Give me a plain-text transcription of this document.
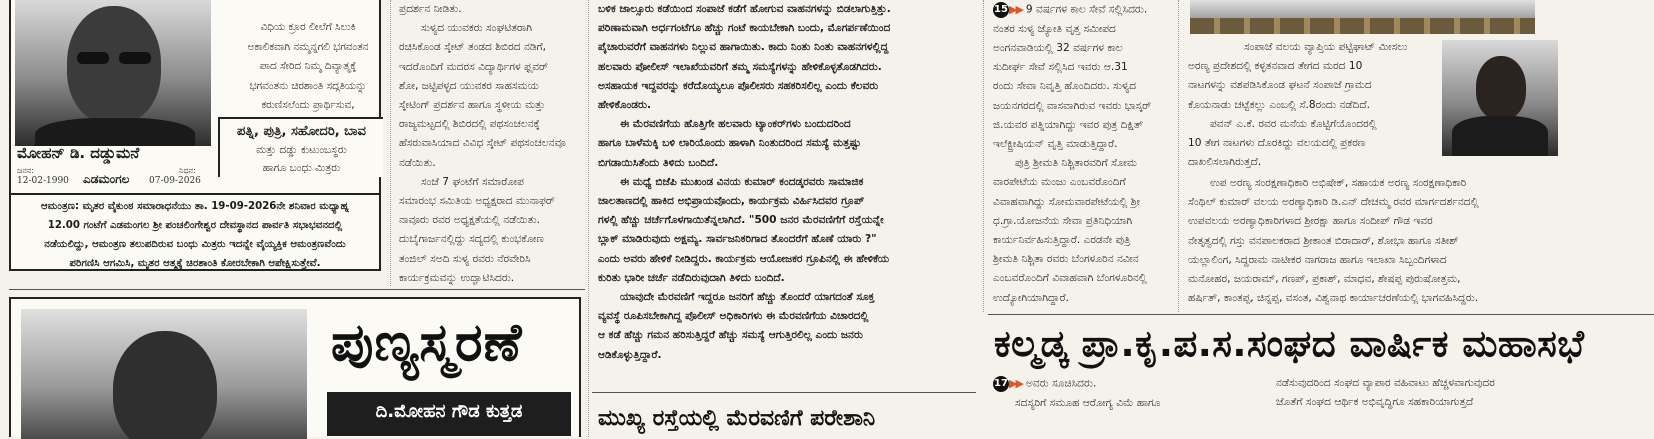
ವಿಧಿಯ ಕ್ರೂರ ಲೀಲೆಗೆ ಸಿಲುಕಿ
ಅಕಾಲಿಕವಾಗಿ ನಮ್ಮನ್ನಗಲಿ ಭಗವಂತನ
ಪಾದ ಸೇರಿದ ನಿಮ್ಮ ದಿವ್ಯಾತ್ಮಕ್ಕೆ
ಭಗವಂತನು ಚಿರಶಾಂತಿ ಸದ್ಗತಿಯನ್ನು
ಕರುಣಿಸಲೆಂದು ಪ್ರಾರ್ಥಿಸುವ,
ಪತ್ನಿ, ಪುತ್ರಿ, ಸಹೋದರಿ, ಬಾವ
ಮತ್ತು ದಡ್ಡು ಕುಟುಂಬಸ್ಥರು
ಹಾಗೂ ಬಂಧು ಮಿತ್ರರು
ಮೋಹನ್ ಡಿ. ದಡ್ಡುಮನೆ
ಜನನ:
12-02-1990 ಎಡಮಂಗಲ
ನಿಧನ:
07-09-2026
ಆಮಂತ್ರಣ: ಮೃತರ ವೈಕುಂಠ ಸಮಾರಾಧನೆಯು ತಾ. 19-09-2026ನೇ ಶನಿವಾರ ಮಧ್ಯಾಹ್ನ
12.00 ಗಂಟೆಗೆ ಎಡಮಂಗಲ ಶ್ರೀ ಪಂಚಲಿಂಗೇಶ್ವರ ದೇವಸ್ಥಾನದ ಪಾರ್ವತಿ ಸಭಾಭವನದಲ್ಲಿ
ನಡೆಯಲಿದ್ದು, ಆಮಂತ್ರಣ ತಲುಪದಿರುವ ಬಂಧು ಮಿತ್ರರು ಇದನ್ನೇ ವೈಯ್ಯಕ್ತಿಕ ಆಮಂತ್ರಣವೆಂದು
ಪರಿಗಣಿಸಿ ಆಗಮಿಸಿ, ಮೃತರ ಆತ್ಮಕ್ಕೆ ಚಿರಶಾಂತಿ ಕೋರಬೇಕಾಗಿ ಆಪೇಕ್ಷಿಸುತ್ತೇವೆ.

ಪ್ರದರ್ಶನ ನೀಡಿತು.

ಸುಳ್ಯದ ಯುವಕರು ಸಂಘಟಿತರಾಗಿ

ರಚಿಸಿಕೊಂಡ ಸ್ಕೇಟ್ ತಂಡದ ಶಿಬಿರದ ನಡಿಗೆ,

ಇದರೊಂದಿಗೆ ಮದರಸ ವಿದ್ಯಾರ್ಥಿಗಳ ಫ್ಲವರ್

ಶೋ, ಜಟ್ಟಿಪಳ್ಳದ ಯುವಕರ ಸಾಹಸಮಯ

ಸ್ಕೇಟಿಂಗ್ ಪ್ರದರ್ಶನ ಹಾಗೂ ಸ್ಥಳೀಯ ಮತ್ತು

ರಾಜ್ಯಮಟ್ಟದಲ್ಲಿ ಶಿಬಿರದಲ್ಲಿ ಪಥಸಂಚಲನಕ್ಕೆ

ಹೆಸರುವಾಸಿಯಾದ ವಿವಿಧ ಸ್ಕೇಟ್ ಪಥಸಂಚಲನವೂ

ನಡೆಯಿತು.

ಸಂಜೆ 7 ಘಂಟೆಗೆ ಸಮಾರೋಪ

ಸಮಾರಂಭ ಸಮಿತಿಯ ಅಧ್ಯಕ್ಷರಾದ ಮುನಾಫರ್

ನಾವೂರು ರವರ ಅಧ್ಯಕ್ಷತೆಯಲ್ಲಿ ನಡೆಯಿತು.

ದುಬೈಗಾರ್ಜನಲ್ಲಿದ್ದು ಸದ್ಯದಲ್ಲಿ ಕುಂಭಕೋಣ

ತಂಜಿಲ್ ಸಅದಿ ಸುಳ್ಯ ರವರು ನೆರವೇರಿಸಿ

ಕಾರ್ಯಕ್ರಮವನ್ನು ಉದ್ಘಾಟಿಸಿದರು.

ಬಳಿಕ ಜಾಲ್ಸೂರು ಕಡೆಯಿಂದ ಸಂಪಾಜೆ ಕಡೆಗೆ ಹೋಗುವ ವಾಹನಗಳನ್ನು ಬಿಡಲಾಗುತ್ತಿತ್ತು.

ಪರಿಣಾಮವಾಗಿ ಅರ್ಧಗಂಟೆಗೂ ಹೆಚ್ಚು ಗಂಟೆ ಕಾಯಬೇಕಾಗಿ ಬಂದು, ಮೊಗರ್ಪಣೆಯಿಂದ

ಪೈಚಾರುವರೆಗೆ ವಾಹನಗಳು ನಿಲ್ಲುವ ಹಾಗಾಯಿತು. ಕಾದು ನಿಂತು ನಿಂತು ವಾಹನಗಳಲ್ಲಿದ್ದ

ಹಲವಾರು ಪೋಲೀಸ್ ಇಲಾಖೆಯವರಿಗೆ ತಮ್ಮ ಸಮಸ್ಯೆಗಳನ್ನು ಹೇಳಿಕೊಳ್ಳತೊಡಗಿದರು.

ಅಸಹಾಯಕ ಇದ್ದವರನ್ನು ಕರೆದೊಯ್ಯಲೂ ಪೊಲೀಸರು ಸಹಕರಿಸಲಿಲ್ಲ ಎಂದು ಕೆಲವರು

ಹೇಳಿಕೊಂಡರು.

ಈ ಮೆರವಣಿಗೆಯ ಹೊತ್ತಿಗೇ ಹಲವಾರು ಟ್ಯಾಂಕರ್‌ಗಳು ಬಂದುದರಿಂದ

ಹಾಗೂ ಬಾಳೆಮಕ್ಕಿ ಬಳಿ ಲಾರಿಯೊಂದು ಹಾಳಾಗಿ ನಿಂತುದರಿಂದ ಸಮಸ್ಯೆ ಮತ್ತಷ್ಟು

ಬಿಗಡಾಯಿಸಿತೆಂದು ತಿಳಿದು ಬಂದಿದೆ.

ಈ ಮಧ್ಯೆ ಬಿಜೆಪಿ ಮುಖಂಡ ವಿನಯ ಕುಮಾರ್ ಕಂದಡ್ಕರವರು ಸಾಮಾಜಿಕ

ಜಾಲತಾಣದಲ್ಲಿ ಹಾಕಿದ ಅಭಿಪ್ರಾಯವೊಂದು, ಕಾರ್ಯಕ್ರಮ ವಿರ್ಹಿಸಿದವರ ಗ್ರೂಪ್

ಗಳಲ್ಲಿ ಹೆಚ್ಚು ಚರ್ಚೆಗೊಳಗಾಯಿತೆನ್ನಲಾಗಿದೆ. "500 ಜನರ ಮೆರವಣಿಗೆಗೆ ರಸ್ತೆಯನ್ನೇ

ಬ್ಲಾಕ್ ಮಾಡಿರುವುದು ಅಕ್ಷಮ್ಯ. ಸಾರ್ವಜನಿಕರಿಗಾದ ತೊಂದರೆಗೆ ಹೊಣೆ ಯಾರು ?"

ಎಂದು ಅವರು ಹೇಳಿಕೆ ನೀಡಿದ್ದರು. ಕಾರ್ಯಕ್ರಮ ಆಯೋಜಕರ ಗ್ರೂಪಿನಲ್ಲಿ ಈ ಹೇಳಿಕೆಯ

ಕುರಿತು ಭಾರೀ ಚರ್ಚೆ ನಡೆದಿರುವುದಾಗಿ ತಿಳಿದು ಬಂದಿದೆ.

ಯಾವುದೇ ಮೆರವಣಿಗೆ ಇದ್ದರೂ ಜನರಿಗೆ ಹೆಚ್ಚು ತೊಂದರೆ ಯಾಗದಂತೆ ಸೂಕ್ತ

ವ್ಯವಸ್ಥೆ ರೂಪಿಸಬೇಕಾಗಿದ್ದ ಪೊಲೀಸ್ ಅಧಿಕಾರಿಗಳು ಈ ಮೆರವಣಿಗೆಯ ವಿಚಾರದಲ್ಲಿ

ಆ ಕಡೆ ಹೆಚ್ಚು ಗಮನ ಹರಿಸುತ್ತಿದ್ದರೆ ಹೆಚ್ಚು ಸಮಸ್ಯೆ ಆಗುತ್ತಿರಲಿಲ್ಲ ಎಂದು ಜನರು

ಆಡಿಕೊಳ್ಳುತ್ತಿದ್ದಾರೆ.

ಮುಖ್ಯ ರಸ್ತೆಯಲ್ಲಿ ಮೆರವಣಿಗೆ ಪರೇಶಾನಿ

15▶▶ 9 ವರ್ಷಗಳ ಕಾಲ ಸೇವೆ ಸಲ್ಲಿಸಿದರು.

ನಂತರ ಸುಳ್ಯ ಜ್ಯೋತಿ ವೃತ್ತ ಸಮೀಪದ

ಅಂಗನವಾಡಿಯಲ್ಲಿ 32 ವರ್ಷಗಳ ಕಾಲ

ಸುದೀರ್ಘ ಸೇವೆ ಸಲ್ಲಿಸಿದ ಇವರು ಆ.31

ರಂದು ಸೇವಾ ನಿವೃತ್ತಿ ಹೊಂದಿದರು. ಸುಳ್ಯದ

ಜಯನಗರದಲ್ಲಿ ವಾಸವಾಗಿರುವ ಇವರು ಭಾಸ್ಕರ್

ಜಿ.ಯವರ ಪತ್ನಿಯಾಗಿದ್ದು ಇವರ ಪುತ್ರ ದಿಕ್ಷಿತ್

ಇಲೆಕ್ಟ್ರೀಷಿಯನ್ ವೃತ್ತಿ ಮಾಡುತ್ತಿದ್ದಾರೆ.

ಪುತ್ರಿ ಶ್ರೀಮತಿ ನಿಶ್ಚಿತಾರವರಿಗೆ ಸೋಮ

ವಾರಪೇಟೆಯ ಮಂಜು ಎಂಬವರೊಂದಿಗೆ

ವಿವಾಹವಾಗಿದ್ದು ಸೋಮವಾರಪೇಟೆಯಲ್ಲಿ ಶ್ರೀ

ಧ.ಗ್ರಾ.ಯೋಜನೆಯ ಸೇವಾ ಪ್ರತಿನಿಧಿಯಾಗಿ

ಕಾರ್ಯನಿರ್ವಹಿಸುತ್ತಿದ್ದಾರೆ. ಎರಡನೇ ಪುತ್ರಿ

ಶ್ರೀಮತಿ ನಿಶ್ಚಿತಾ ರವರು ಬೆಂಗಳೂರಿನ ನವೀನ

ಎಂಬವರೊಂದಿಗೆ ವಿವಾಹವಾಗಿ ಬೆಂಗಳೂರಿನಲ್ಲಿ

ಉದ್ಯೋಗಿಯಾಗಿದ್ದಾರೆ.

ಸಂಪಾಜೆ ವಲಯ ವ್ಯಾಪ್ತಿಯ ಪಟ್ಟಿಘಾಟ್ ಮೀಸಲು

ಅರಣ್ಯ ಪ್ರದೇಶದಲ್ಲಿ ಕಳ್ಳತನವಾದ ತೇಗದ ಮರದ 10

ನಾಟಗಳನ್ನು ವಶಪಡಿಸಿಕೊಂಡ ಘಟನೆ ಸಂಪಾಜೆ ಗ್ರಾಮದ

ಕೊಯನಾಡು ಚಟ್ಟೆಕಲ್ಲು ಎಂಬಲ್ಲಿ ಸೆ.8ರಂದು ನಡೆದಿದೆ.

ಪವನ್ ಎ.ಕೆ. ರವರ ಮನೆಯ ಕೊಟ್ಟಿಗೆಯೊಂದರಲ್ಲಿ

10 ತೇಗ ನಾಟಗಳು ದೊರಕಿದ್ದು ವಲಯದಲ್ಲಿ ಪ್ರಕರಣ

ದಾಖಲಿಸಲಾಗಿರುತ್ತದೆ.

ಉಪ ಅರಣ್ಯ ಸಂರಕ್ಷಣಾಧಿಕಾರಿ ಅಭಿಷೇಕ್, ಸಹಾಯಕ ಅರಣ್ಯ ಸಂರಕ್ಷಣಾಧಿಕಾರಿ

ಸೆಂಥಿಲ್ ಕುಮಾರ್ ವಲಯ ಅರಣ್ಯಾಧಿಕಾರಿ ಡಿ.ಎನ್ ದೇಚಮ್ಮ ರವರ ಮಾರ್ಗದರ್ಶನದಲ್ಲಿ

ಉಪವಲಯ ಅರಣ್ಯಾಧಿಕಾರಿಗಳಾದ ಶ್ರೀರಕ್ಷಾ ಹಾಗೂ ಸಂದೀಪ್ ಗೌಡ ಇವರ

ನೇತೃತ್ವದಲ್ಲಿ ಗಸ್ತು ವನಪಾಲಕರಾದ ಶ್ರೀಕಾಂತ ಬಿರಾದಾರ್, ಶೋಭಾ ಹಾಗೂ ಸತೀಶ್

ಯಲ್ಲಾಲಿಂಗ, ಸಿದ್ದರಾಮ ನಾಟೀಕರ ನಾಗರಾಜ ಹಾಗೂ ಇಲಾಖಾ ಸಿಬ್ಬಂದಿಗಳಾದ

ಮನೋಹರ, ಜಯರಾಮ್, ಗಣಪ್, ಪ್ರಕಾಶ್, ಮಾಧವ, ಶೇಷಪ್ಪ ಪುರುಷೋತ್ತಮ,

ಹರ್ಷಿತ್, ಕಾಂತಪ್ಪ, ಚಿನ್ನಪ್ಪ, ವಸಂತ, ವಿಶ್ವನಾಥ ಕಾರ್ಯಾಚರಣೆಯಲ್ಲಿ ಭಾಗವಹಿಸಿದ್ದರು.

ಕಲ್ಮಡ್ಕ ಪ್ರಾ.ಕೃ.ಪ.ಸ.ಸಂಘದ ವಾರ್ಷಿಕ ಮಹಾಸಭೆ

17▶▶ ಅವರು ಸೂಚಿಸಿದರು.

ಸದಸ್ಯರಿಗೆ ಸಮೂಹ ಆರೋಗ್ಯ ವಿಮೆ ಹಾಗೂ

ನಡೆಸುವುದರಿಂದ ಸಂಘದ ವ್ಯಾಪಾರ ವಹಿವಾಟು ಹೆಚ್ಚಳವಾಗುವುದರ

ಜೊತೆಗೆ ಸಂಘದ ಆರ್ಥಿಕ ಅಭಿವೃದ್ಧಿಗೂ ಸಹಕಾರಿಯಾಗುತ್ತದೆ

ಪುಣ್ಯಸ್ಮರಣೆ
ದಿ.ಮೋಹನ ಗೌಡ ಕುತ್ತಡ
